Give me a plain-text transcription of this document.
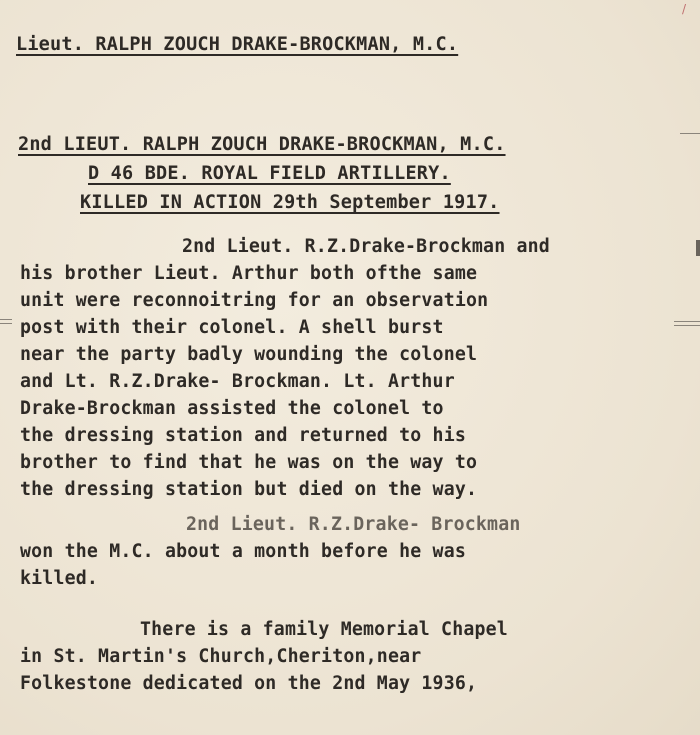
/
Lieut. RALPH ZOUCH DRAKE-BROCKMAN, M.C.
2nd LIEUT. RALPH ZOUCH DRAKE-BROCKMAN, M.C.
D 46 BDE. ROYAL FIELD ARTILLERY.
KILLED IN ACTION 29th September 1917.
2nd Lieut. R.Z.Drake-Brockman and
his brother Lieut. Arthur both ofthe same
unit were reconnoitring for an observation
post with their colonel. A shell burst
near the party badly wounding the colonel
and Lt. R.Z.Drake- Brockman. Lt. Arthur
Drake-Brockman assisted the colonel to
the dressing station and returned to his
brother to find that he was on the way to
the dressing station but died on the way.
2nd Lieut. R.Z.Drake- Brockman
won the M.C. about a month before he was
killed.
There is a family Memorial Chapel
in St. Martin's Church,Cheriton,near
Folkestone dedicated on the 2nd May 1936,
